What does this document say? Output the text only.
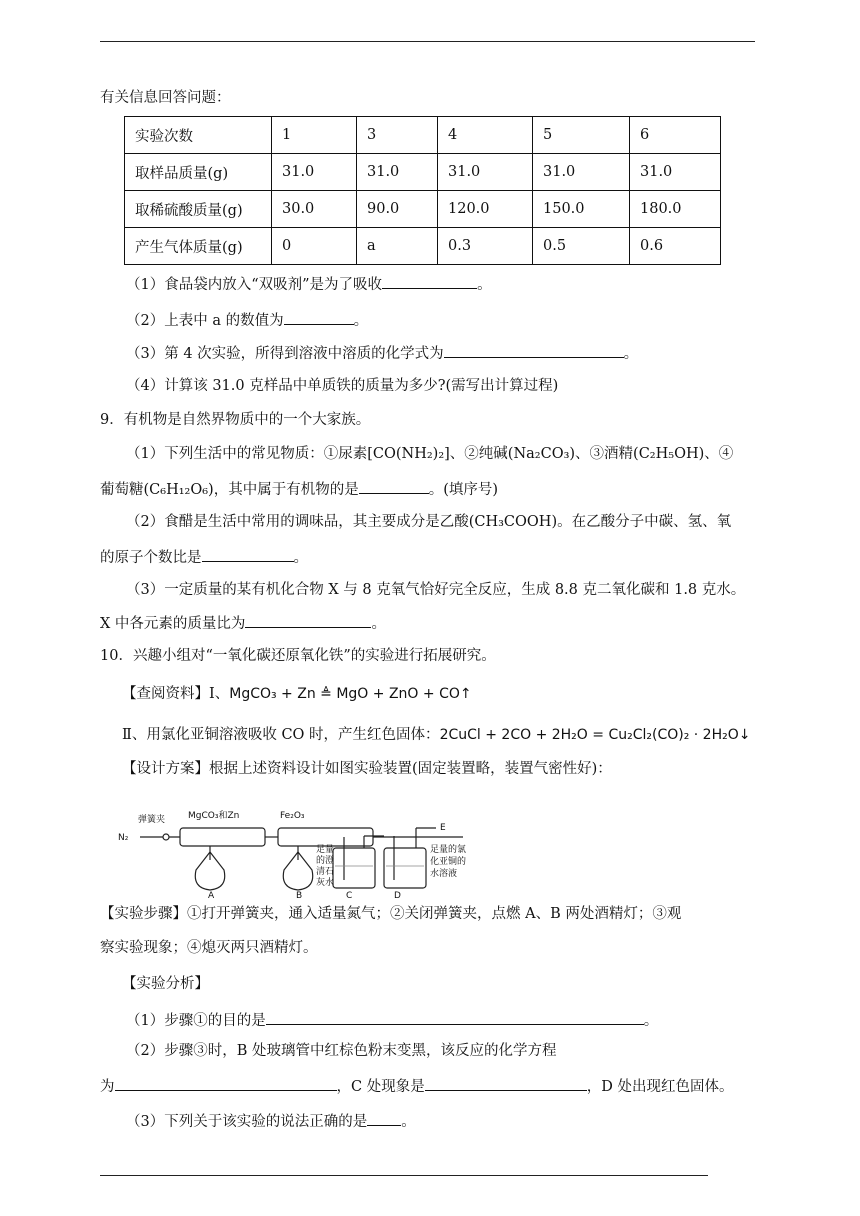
有关信息回答问题：
实验次数	1	3	4	5	6
取样品质量(g)	31.0	31.0	31.0	31.0	31.0
取稀硫酸质量(g)	30.0	90.0	120.0	150.0	180.0
产生气体质量(g)	0	a	0.3	0.5	0.6
（1）食品袋内放入“双吸剂”是为了吸收	。
（2）上表中 a 的数值为	。
（3）第 4 次实验，所得到溶液中溶质的化学式为	。
（4）计算该 31.0 克样品中单质铁的质量为多少?(需写出计算过程)
9．有机物是自然界物质中的一个大家族。
（1）下列生活中的常见物质：①尿素[CO(NH₂)₂]、②纯碱(Na₂CO₃)、③酒精(C₂H₅OH)、④
葡萄糖(C₆H₁₂O₆)，其中属于有机物的是	。(填序号)
（2）食醋是生活中常用的调味品，其主要成分是乙酸(CH₃COOH)。在乙酸分子中碳、氢、氧
的原子个数比是	。
（3）一定质量的某有机化合物 X 与 8 克氧气恰好完全反应，生成 8.8 克二氧化碳和 1.8 克水。
X 中各元素的质量比为	。
10．兴趣小组对“一氧化碳还原氧化铁”的实验进行拓展研究。
【查阅资料】Ⅰ、MgCO₃ + Zn ≜ MgO + ZnO + CO↑
Ⅱ、用氯化亚铜溶液吸收 CO 时，产生红色固体：2CuCl + 2CO + 2H₂O = Cu₂Cl₂(CO)₂ · 2H₂O↓
【设计方案】根据上述资料设计如图实验装置(固定装置略，装置气密性好)：
N₂
弹簧夹	MgCO₃和Zn	Fe₂O₃
A	B	C	D
E
足量
的澄
清石
灰水
足量的氯
化亚铜的
水溶液
【实验步骤】①打开弹簧夹，通入适量氮气；②关闭弹簧夹，点燃 A、B 两处酒精灯；③观
察实验现象；④熄灭两只酒精灯。
【实验分析】
（1）步骤①的目的是	。
（2）步骤③时，B 处玻璃管中红棕色粉末变黑，该反应的化学方程
为	，C 处现象是	，D 处出现红色固体。
（3）下列关于该实验的说法正确的是 。
